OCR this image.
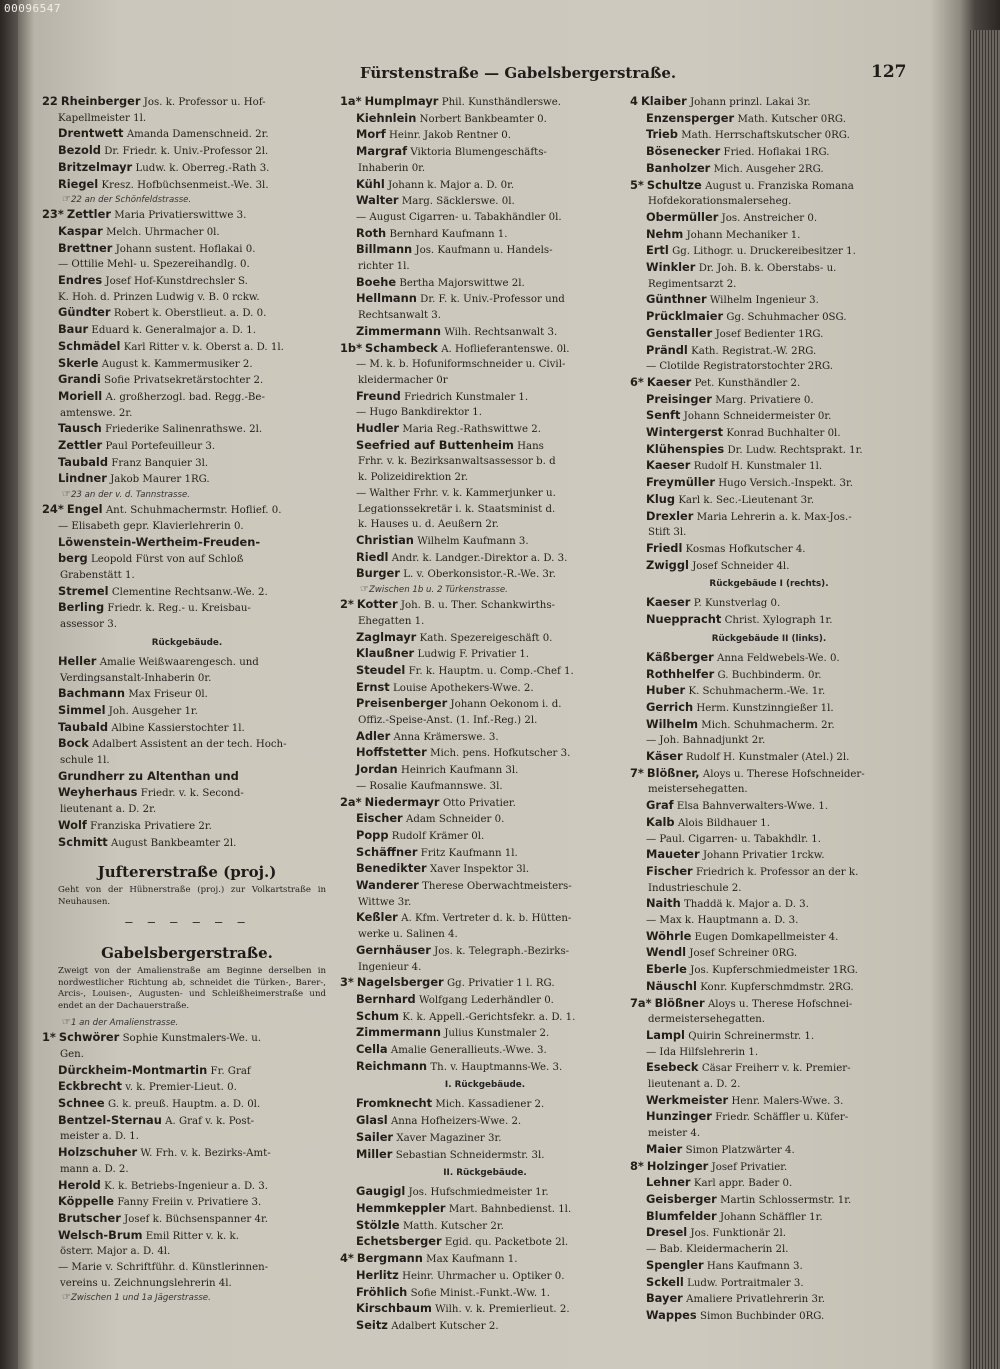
00096547
Fürstenstraße — Gabelsbergerstraße.	127

22 Rheinberger Jos. k. Professor u. Hof-

Kapellmeister 1l.

Drentwett Amanda Damenschneid. 2r.

Bezold Dr. Friedr. k. Univ.-Professor 2l.

Britzelmayr Ludw. k. Oberreg.-Rath 3.

Riegel Kresz. Hofbüchsenmeist.-We. 3l.

☞ 22 an der Schönfeldstrasse.

23* Zettler Maria Privatierswittwe 3.

Kaspar Melch. Uhrmacher 0l.

Brettner Johann sustent. Hoflakai 0.

— Ottilie Mehl- u. Spezereihandlg. 0.

Endres Josef Hof-Kunstdrechsler S.

K. Hoh. d. Prinzen Ludwig v. B. 0 rckw.

Gündter Robert k. Oberstlieut. a. D. 0.

Baur Eduard k. Generalmajor a. D. 1.

Schmädel Karl Ritter v. k. Oberst a. D. 1l.

Skerle August k. Kammermusiker 2.

Grandi Sofie Privatsekretärstochter 2.

Moriell A. großherzogl. bad. Regg.-Be-

amtenswe. 2r.

Tausch Friederike Salinenrathswe. 2l.

Zettler Paul Portefeuilleur 3.

Taubald Franz Banquier 3l.

Lindner Jakob Maurer 1RG.

☞ 23 an der v. d. Tannstrasse.

24* Engel Ant. Schuhmachermstr. Hoflief. 0.

— Elisabeth gepr. Klavierlehrerin 0.

Löwenstein-Wertheim-Freuden-

berg Leopold Fürst von auf Schloß

Grabenstätt 1.

Stremel Clementine Rechtsanw.-We. 2.

Berling Friedr. k. Reg.- u. Kreisbau-

assessor 3.

Rückgebäude.

Heller Amalie Weißwaarengesch. und

Verdingsanstalt-Inhaberin 0r.

Bachmann Max Friseur 0l.

Simmel Joh. Ausgeher 1r.

Taubald Albine Kassierstochter 1l.

Bock Adalbert Assistent an der tech. Hoch-

schule 1l.

Grundherr zu Altenthan und

Weyherhaus Friedr. v. k. Second-

lieutenant a. D. 2r.

Wolf Franziska Privatiere 2r.

Schmitt August Bankbeamter 2l.

Juftererstraße (proj.)
Geht von der Hübnerstraße (proj.) zur Volkartstraße in Neuhausen.
— — — — — —
Gabelsbergerstraße.
Zweigt von der Amalienstraße am Beginne derselben in nordwestlicher Richtung ab, schneidet die Türken-, Barer-, Arcis-, Louisen-, Augusten- und Schleißheimerstraße und endet an der Dachauerstraße.
☞ 1 an der Amalienstrasse.

1* Schwörer Sophie Kunstmalers-We. u.

Gen.

Dürckheim-Montmartin Fr. Graf

Eckbrecht v. k. Premier-Lieut. 0.

Schnee G. k. preuß. Hauptm. a. D. 0l.

Bentzel-Sternau A. Graf v. k. Post-

meister a. D. 1.

Holzschuher W. Frh. v. k. Bezirks-Amt-

mann a. D. 2.

Herold K. k. Betriebs-Ingenieur a. D. 3.

Köppelle Fanny Freiin v. Privatiere 3.

Brutscher Josef k. Büchsenspanner 4r.

Welsch-Brum Emil Ritter v. k. k.

österr. Major a. D. 4l.

— Marie v. Schriftführ. d. Künstlerinnen-

vereins u. Zeichnungslehrerin 4l.

☞ Zwischen 1 und 1a Jägerstrasse.

1a* Humplmayr Phil. Kunsthändlerswe.

Kiehnlein Norbert Bankbeamter 0.

Morf Heinr. Jakob Rentner 0.

Margraf Viktoria Blumengeschäfts-

Inhaberin 0r.

Kühl Johann k. Major a. D. 0r.

Walter Marg. Säcklerswe. 0l.

— August Cigarren- u. Tabakhändler 0l.

Roth Bernhard Kaufmann 1.

Billmann Jos. Kaufmann u. Handels-

richter 1l.

Boehe Bertha Majorswittwe 2l.

Hellmann Dr. F. k. Univ.-Professor und

Rechtsanwalt 3.

Zimmermann Wilh. Rechtsanwalt 3.

1b* Schambeck A. Hoflieferantenswe. 0l.

— M. k. b. Hofuniformschneider u. Civil-

kleidermacher 0r

Freund Friedrich Kunstmaler 1.

— Hugo Bankdirektor 1.

Hudler Maria Reg.-Rathswittwe 2.

Seefried auf Buttenheim Hans

Frhr. v. k. Bezirksanwaltsassessor b. d

k. Polizeidirektion 2r.

— Walther Frhr. v. k. Kammerjunker u.

Legationssekretär i. k. Staatsminist d.

k. Hauses u. d. Aeußern 2r.

Christian Wilhelm Kaufmann 3.

Riedl Andr. k. Landger.-Direktor a. D. 3.

Burger L. v. Oberkonsistor.-R.-We. 3r.

☞ Zwischen 1b u. 2 Türkenstrasse.

2* Kotter Joh. B. u. Ther. Schankwirths-

Ehegatten 1.

Zaglmayr Kath. Spezereigeschäft 0.

Klaußner Ludwig F. Privatier 1.

Steudel Fr. k. Hauptm. u. Comp.-Chef 1.

Ernst Louise Apothekers-Wwe. 2.

Preisenberger Johann Oekonom i. d.

Offiz.-Speise-Anst. (1. Inf.-Reg.) 2l.

Adler Anna Krämerswe. 3.

Hoffstetter Mich. pens. Hofkutscher 3.

Jordan Heinrich Kaufmann 3l.

— Rosalie Kaufmannswe. 3l.

2a* Niedermayr Otto Privatier.

Eischer Adam Schneider 0.

Popp Rudolf Krämer 0l.

Schäffner Fritz Kaufmann 1l.

Benedikter Xaver Inspektor 3l.

Wanderer Therese Oberwachtmeisters-

Wittwe 3r.

Keßler A. Kfm. Vertreter d. k. b. Hütten-

werke u. Salinen 4.

Gernhäuser Jos. k. Telegraph.-Bezirks-

Ingenieur 4.

3* Nagelsberger Gg. Privatier 1 l. RG.

Bernhard Wolfgang Lederhändler 0.

Schum K. k. Appell.-Gerichtsfekr. a. D. 1.

Zimmermann Julius Kunstmaler 2.

Cella Amalie Generallieuts.-Wwe. 3.

Reichmann Th. v. Hauptmanns-We. 3.

I. Rückgebäude.

Fromknecht Mich. Kassadiener 2.

Glasl Anna Hofheizers-Wwe. 2.

Sailer Xaver Magaziner 3r.

Miller Sebastian Schneidermstr. 3l.

II. Rückgebäude.

Gaugigl Jos. Hufschmiedmeister 1r.

Hemmkeppler Mart. Bahnbedienst. 1l.

Stölzle Matth. Kutscher 2r.

Echetsberger Egid. qu. Packetbote 2l.

4* Bergmann Max Kaufmann 1.

Herlitz Heinr. Uhrmacher u. Optiker 0.

Fröhlich Sofie Minist.-Funkt.-Ww. 1.

Kirschbaum Wilh. v. k. Premierlieut. 2.

Seitz Adalbert Kutscher 2.

4 Klaiber Johann prinzl. Lakai 3r.

Enzensperger Math. Kutscher 0RG.

Trieb Math. Herrschaftskutscher 0RG.

Bösenecker Fried. Hoflakai 1RG.

Banholzer Mich. Ausgeher 2RG.

5* Schultze August u. Franziska Romana

Hofdekorationsmalerseheg.

Obermüller Jos. Anstreicher 0.

Nehm Johann Mechaniker 1.

Ertl Gg. Lithogr. u. Druckereibesitzer 1.

Winkler Dr. Joh. B. k. Oberstabs- u.

Regimentsarzt 2.

Günthner Wilhelm Ingenieur 3.

Prücklmaier Gg. Schuhmacher 0SG.

Genstaller Josef Bedienter 1RG.

Prändl Kath. Registrat.-W. 2RG.

— Clotilde Registratorstochter 2RG.

6* Kaeser Pet. Kunsthändler 2.

Preisinger Marg. Privatiere 0.

Senft Johann Schneidermeister 0r.

Wintergerst Konrad Buchhalter 0l.

Klühenspies Dr. Ludw. Rechtsprakt. 1r.

Kaeser Rudolf H. Kunstmaler 1l.

Freymüller Hugo Versich.-Inspekt. 3r.

Klug Karl k. Sec.-Lieutenant 3r.

Drexler Maria Lehrerin a. k. Max-Jos.-

Stift 3l.

Friedl Kosmas Hofkutscher 4.

Zwiggl Josef Schneider 4l.

Rückgebäude I (rechts).

Kaeser P. Kunstverlag 0.

Nueppracht Christ. Xylograph 1r.

Rückgebäude II (links).

Käßberger Anna Feldwebels-We. 0.

Rothhelfer G. Buchbinderm. 0r.

Huber K. Schuhmacherm.-We. 1r.

Gerrich Herm. Kunstzinngießer 1l.

Wilhelm Mich. Schuhmacherm. 2r.

— Joh. Bahnadjunkt 2r.

Käser Rudolf H. Kunstmaler (Atel.) 2l.

7* Blößner, Aloys u. Therese Hofschneider-

meistersehegatten.

Graf Elsa Bahnverwalters-Wwe. 1.

Kalb Alois Bildhauer 1.

— Paul. Cigarren- u. Tabakhdlr. 1.

Maueter Johann Privatier 1rckw.

Fischer Friedrich k. Professor an der k.

Industrieschule 2.

Naith Thaddä k. Major a. D. 3.

— Max k. Hauptmann a. D. 3.

Wöhrle Eugen Domkapellmeister 4.

Wendl Josef Schreiner 0RG.

Eberle Jos. Kupferschmiedmeister 1RG.

Näuschl Konr. Kupferschmdmstr. 2RG.

7a* Blößner Aloys u. Therese Hofschnei-

dermeistersehegatten.

Lampl Quirin Schreinermstr. 1.

— Ida Hilfslehrerin 1.

Esebeck Cäsar Freiherr v. k. Premier-

lieutenant a. D. 2.

Werkmeister Henr. Malers-Wwe. 3.

Hunzinger Friedr. Schäffler u. Küfer-

meister 4.

Maier Simon Platzwärter 4.

8* Holzinger Josef Privatier.

Lehner Karl appr. Bader 0.

Geisberger Martin Schlossermstr. 1r.

Blumfelder Johann Schäffler 1r.

Dresel Jos. Funktionär 2l.

— Bab. Kleidermacherin 2l.

Spengler Hans Kaufmann 3.

Sckell Ludw. Portraitmaler 3.

Bayer Amaliere Privatlehrerin 3r.

Wappes Simon Buchbinder 0RG.
